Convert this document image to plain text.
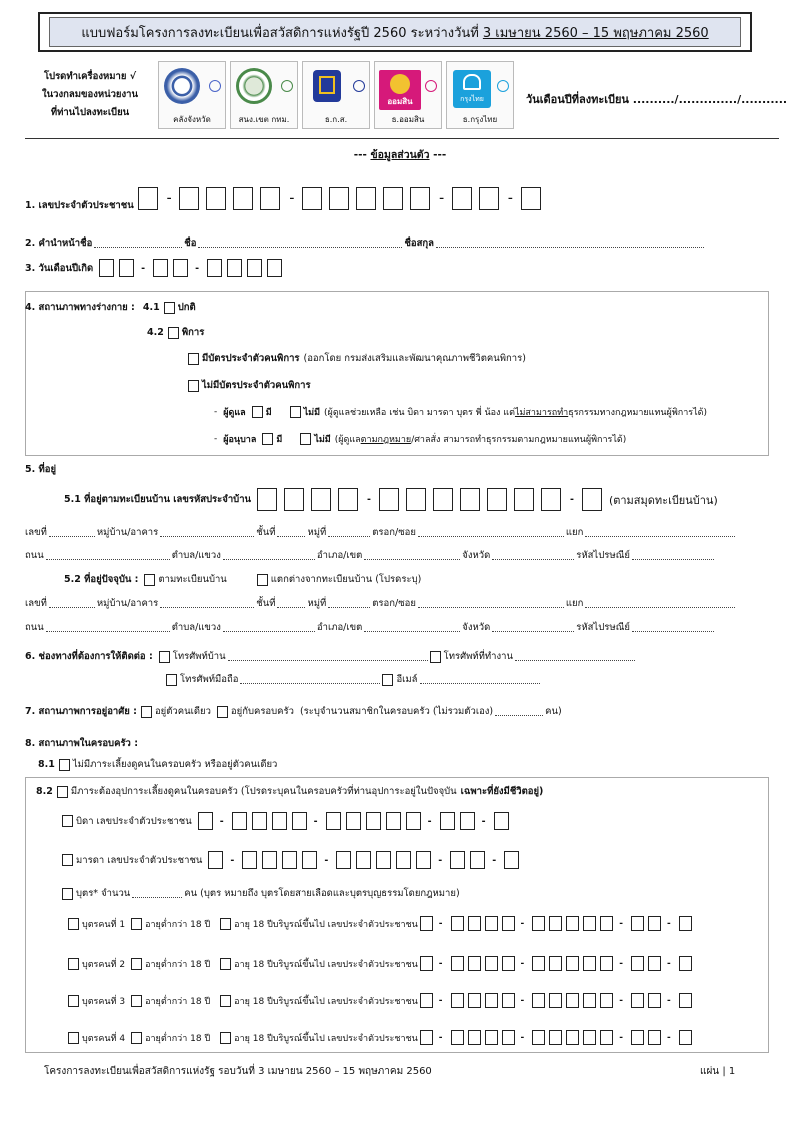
แบบฟอร์มโครงการลงทะเบียนเพื่อสวัสดิการแห่งรัฐปี 2560 ระหว่างวันที่ 3 เมษายน 2560 – 15 พฤษภาคม 2560
โปรดทำเครื่องหมาย √
ในวงกลมของหน่วยงาน
ที่ท่านไปลงทะเบียน
คลังจังหวัด	สนง.เขต กทม.	ธ.ก.ส.
ออมสิน
ธ.ออมสิน
กรุงไทย
ธ.กรุงไทย
วันเดือนปีที่ลงทะเบียน ........../............../...........
--- ข้อมูลส่วนตัว ---
1. เลขประจำตัวประชาชน
–	–	–	–
2. คำนำหน้าชื่อ	ชื่อ	ชื่อสกุล
3. วันเดือนปีเกิด	-	-
4. สถานภาพทางร่างกาย : 4.1 ปกติ
4.2 พิการ
มีบัตรประจำตัวคนพิการ (ออกโดย กรมส่งเสริมและพัฒนาคุณภาพชีวิตคนพิการ)
ไม่มีบัตรประจำตัวคนพิการ
- ผู้ดูแล มี	ไม่มี (ผู้ดูแลช่วยเหลือ เช่น บิดา มารดา บุตร พี่ น้อง แต่ ไม่สามารถทำ ธุรกรรมทางกฎหมายแทนผู้พิการได้)
- ผู้อนุบาล มี	ไม่มี (ผู้ดูแล ตามกฎหมาย /ศาลสั่ง สามารถทำธุรกรรมตามกฎหมายแทนผู้พิการได้)
5. ที่อยู่
5.1 ที่อยู่ตามทะเบียนบ้าน เลขรหัสประจำบ้าน	-	-	(ตามสมุดทะเบียนบ้าน)
เลขที่	หมู่บ้าน/อาคาร	ชั้นที่	หมู่ที่	ตรอก/ซอย	แยก
ถนน	ตำบล/แขวง	อำเภอ/เขต	จังหวัด	รหัสไปรษณีย์
5.2 ที่อยู่ปัจจุบัน : ตามทะเบียนบ้าน	แตกต่างจากทะเบียนบ้าน (โปรดระบุ)
เลขที่	หมู่บ้าน/อาคาร	ชั้นที่	หมู่ที่	ตรอก/ซอย	แยก
ถนน	ตำบล/แขวง	อำเภอ/เขต	จังหวัด	รหัสไปรษณีย์
6. ช่องทางที่ต้องการให้ติดต่อ : โทรศัพท์บ้าน	โทรศัพท์ที่ทำงาน
โทรศัพท์มือถือ	อีเมล์
7. สถานภาพการอยู่อาศัย : อยู่ตัวคนเดียว อยู่กับครอบครัว (ระบุจำนวนสมาชิกในครอบครัว (ไม่รวมตัวเอง)	คน)
8. สถานภาพในครอบครัว :
8.1 ไม่มีภาระเลี้ยงดูคนในครอบครัว หรืออยู่ตัวคนเดียว
8.2 มีภาระต้องอุปการะเลี้ยงดูคนในครอบครัว (โปรดระบุคนในครอบครัวที่ท่านอุปการะอยู่ในปัจจุบัน เฉพาะที่ยังมีชีวิตอยู่)
บิดา เลขประจำตัวประชาชน	-	-	-	-
มารดา เลขประจำตัวประชาชน	-	-	-	-
บุตร* จำนวน	คน (บุตร หมายถึง บุตรโดยสายเลือดและบุตรบุญธรรมโดยกฎหมาย)
บุตรคนที่ 1 อายุต่ำกว่า 18 ปี	อายุ 18 ปีบริบูรณ์ขึ้นไป เลขประจำตัวประชาชน -	-	-	-
บุตรคนที่ 2 อายุต่ำกว่า 18 ปี	อายุ 18 ปีบริบูรณ์ขึ้นไป เลขประจำตัวประชาชน -	-	-	-
บุตรคนที่ 3 อายุต่ำกว่า 18 ปี	อายุ 18 ปีบริบูรณ์ขึ้นไป เลขประจำตัวประชาชน -	-	-	-
บุตรคนที่ 4 อายุต่ำกว่า 18 ปี	อายุ 18 ปีบริบูรณ์ขึ้นไป เลขประจำตัวประชาชน -	-	-	-
โครงการลงทะเบียนเพื่อสวัสดิการแห่งรัฐ รอบวันที่ 3 เมษายน 2560 – 15 พฤษภาคม 2560	แผ่น | 1
